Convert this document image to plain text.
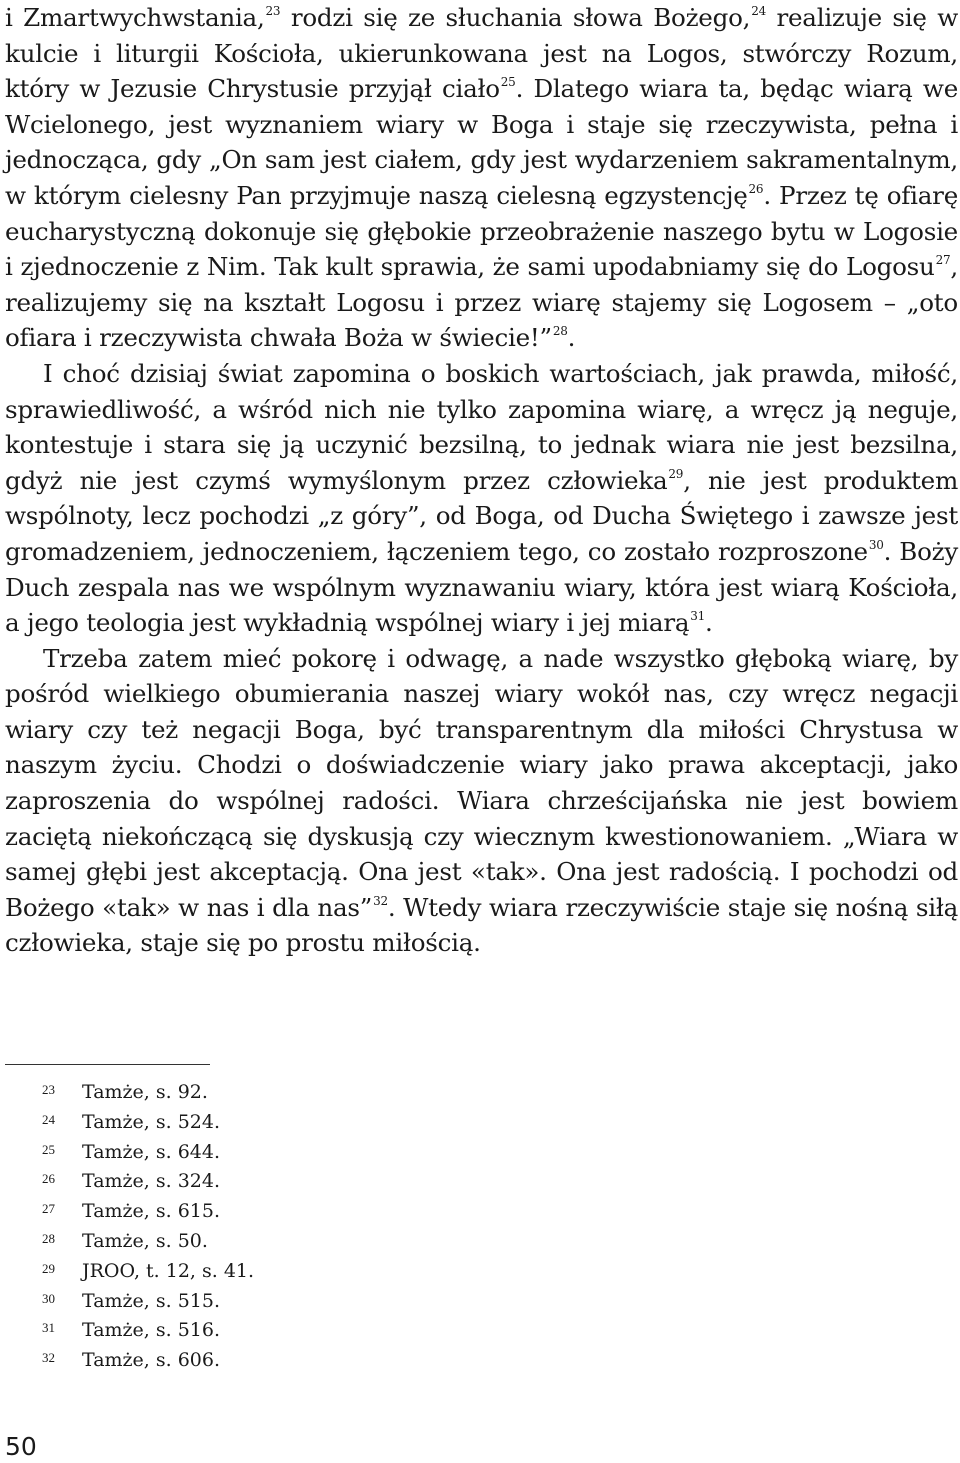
i Zmartwychwstania,$^{23}$ rodzi się ze słuchania słowa Bożego,$^{24}$ realizuje się w kulcie i liturgii Kościoła, ukierunkowana jest na Logos, stwórczy Rozum, który w Jezusie Chrystusie przyjął ciało$^{25}$. Dlatego wiara ta, będąc wiarą we Wcielonego, jest wyznaniem wiary w Boga i staje się rzeczywista, pełna i jednocząca, gdy „On sam jest ciałem, gdy jest wydarzeniem sakramentalnym, w którym cielesny Pan przyjmuje naszą cielesną egzystencję$^{26}$. Przez tę ofiarę eucharystyczną dokonuje się głębokie przeobrażenie naszego bytu w Logosie i zjednoczenie z Nim. Tak kult sprawia, że sami upodabniamy się do Logosu$^{27}$, realizujemy się na kształt Logosu i przez wiarę stajemy się Logosem – „oto ofiara i rzeczywista chwała Boża w świecie!”$^{28}$.

I choć dzisiaj świat zapomina o boskich wartościach, jak prawda, miłość, sprawiedliwość, a wśród nich nie tylko zapomina wiarę, a wręcz ją neguje, kontestuje i stara się ją uczynić bezsilną, to jednak wiara nie jest bezsilna, gdyż nie jest czymś wymyślonym przez człowieka$^{29}$, nie jest produktem wspólnoty, lecz pochodzi „z góry”, od Boga, od Ducha Świętego i zawsze jest gromadzeniem, jednoczeniem, łączeniem tego, co zostało rozproszone$^{30}$. Boży Duch zespala nas we wspólnym wyznawaniu wiary, która jest wiarą Kościoła, a jego teologia jest wykładnią wspólnej wiary i jej miarą$^{31}$.

Trzeba zatem mieć pokorę i odwagę, a nade wszystko głęboką wiarę, by pośród wielkiego obumierania naszej wiary wokół nas, czy wręcz negacji wiary czy też negacji Boga, być transparentnym dla miłości Chrystusa w naszym życiu. Chodzi o doświadczenie wiary jako prawa akceptacji, jako zaproszenia do wspólnej radości. Wiara chrześcijańska nie jest bowiem zaciętą niekończącą się dyskusją czy wiecznym kwestionowaniem. „Wiara w samej głębi jest akceptacją. Ona jest «tak». Ona jest radością. I pochodzi od Bożego «tak» w nas i dla nas”$^{32}$. Wtedy wiara rzeczywiście staje się nośną siłą człowieka, staje się po prostu miłością.

23	Tamże, s. 92.
24	Tamże, s. 524.
25	Tamże, s. 644.
26	Tamże, s. 324.
27	Tamże, s. 615.
28	Tamże, s. 50.
29	JROO, t. 12, s. 41.
30	Tamże, s. 515.
31	Tamże, s. 516.
32	Tamże, s. 606.
50
